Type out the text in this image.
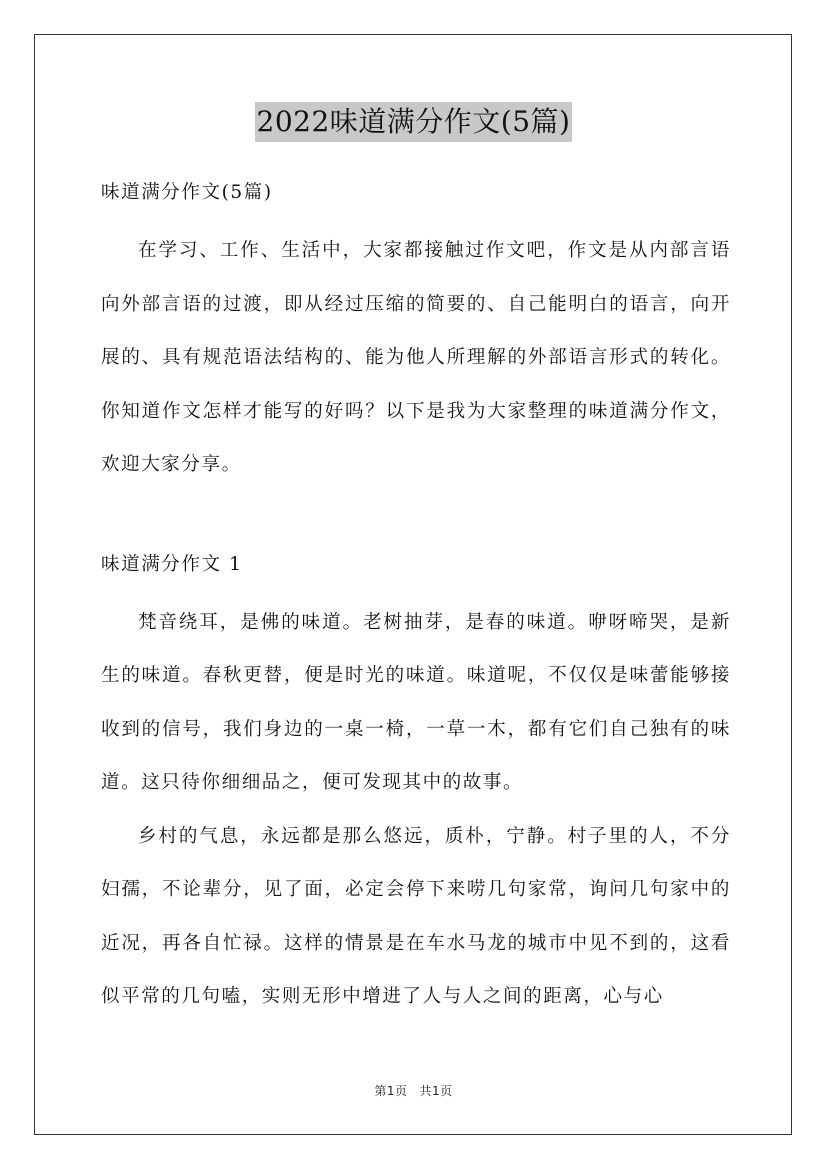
2022味道满分作文(5篇)

味道满分作文(5篇)

在学习、工作、生活中，大家都接触过作文吧，作文是从内部言语向外部言语的过渡，即从经过压缩的简要的、自己能明白的语言，向开展的、具有规范语法结构的、能为他人所理解的外部语言形式的转化。你知道作文怎样才能写的好吗？以下是我为大家整理的味道满分作文，欢迎大家分享。

味道满分作文 1

梵音绕耳，是佛的味道。老树抽芽，是春的味道。咿呀啼哭，是新生的味道。春秋更替，便是时光的味道。味道呢，不仅仅是味蕾能够接收到的信号，我们身边的一桌一椅，一草一木，都有它们自己独有的味道。这只待你细细品之，便可发现其中的故事。

乡村的气息，永远都是那么悠远，质朴，宁静。村子里的人，不分妇孺，不论辈分，见了面，必定会停下来唠几句家常，询问几句家中的近况，再各自忙禄。这样的情景是在车水马龙的城市中见不到的，这看似平常的几句嗑，实则无形中增进了人与人之间的距离，心与心

第1页 共1页
